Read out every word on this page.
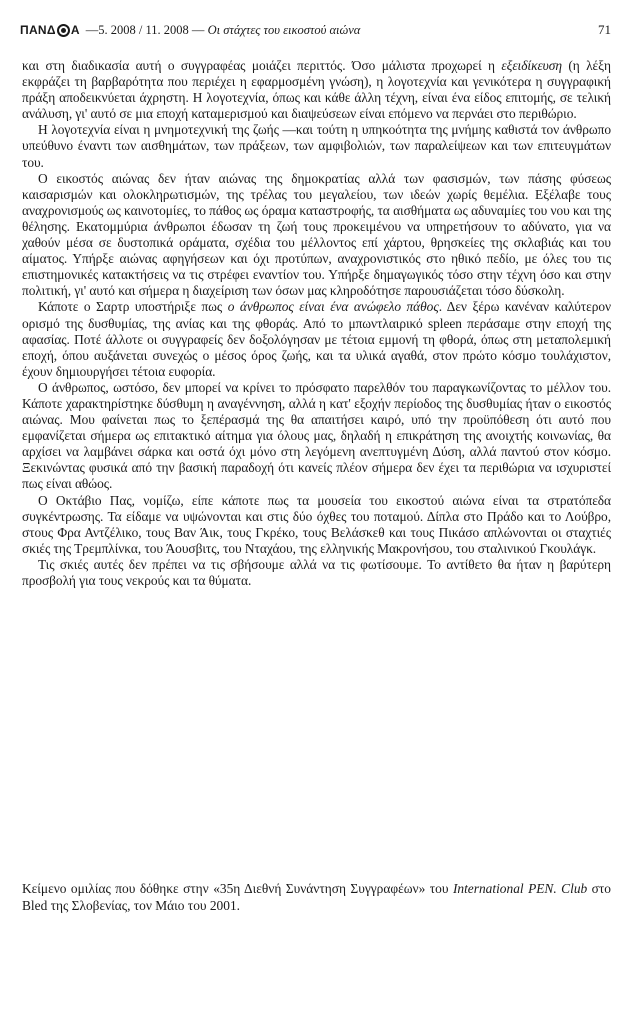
ΠΑΝΔ Α —5. 2008 / 11. 2008 — Οι στάχτες του εικοστού αιώνα	71

και στη διαδικασία αυτή ο συγγραφέας μοιάζει περιττός. Όσο μάλιστα προχωρεί η εξειδίκευση (η λέξη εκφράζει τη βαρβαρότητα που περιέχει η εφαρμοσμένη γνώση), η λογοτεχνία και γενικότερα η συγγραφική πράξη αποδεικνύεται άχρηστη. Η λογοτεχνία, όπως και κάθε άλλη τέχνη, είναι ένα είδος επιτομής, σε τελική ανάλυση, γι' αυτό σε μια εποχή καταμερισμού και διαψεύσεων είναι επόμενο να περνάει στο περιθώριο.

Η λογοτεχνία είναι η μνημοτεχνική της ζωής —και τούτη η υπηκοότητα της μνήμης καθιστά τον άνθρωπο υπεύθυνο έναντι των αισθημάτων, των πράξεων, των αμφιβολιών, των παραλείψεων και των επιτευγμάτων του.

Ο εικοστός αιώνας δεν ήταν αιώνας της δημοκρατίας αλλά των φασισμών, των πάσης φύσεως καισαρισμών και ολοκληρωτισμών, της τρέλας του μεγαλείου, των ιδεών χωρίς θεμέλια. Εξέλαβε τους αναχρονισμούς ως καινοτομίες, το πάθος ως όραμα καταστροφής, τα αισθήματα ως αδυναμίες του νου και της θέλησης. Εκατομμύρια άνθρωποι έδωσαν τη ζωή τους προκειμένου να υπηρετήσουν το αδύνατο, για να χαθούν μέσα σε δυστοπικά οράματα, σχέδια του μέλλοντος επί χάρτου, θρησκείες της σκλαβιάς και του αίματος. Υπήρξε αιώνας αφηγήσεων και όχι προτύπων, αναχρονιστικός στο ηθικό πεδίο, με όλες του τις επιστημονικές κατακτήσεις να τις στρέφει εναντίον του. Υπήρξε δημαγωγικός τόσο στην τέχνη όσο και στην πολιτική, γι' αυτό και σήμερα η διαχείριση των όσων μας κληροδότησε παρουσιάζεται τόσο δύσκολη.

Κάποτε ο Σαρτρ υποστήριξε πως ο άνθρωπος είναι ένα ανώφελο πάθος. Δεν ξέρω κανέναν καλύτερον ορισμό της δυσθυμίας, της ανίας και της φθοράς. Από το μπωντλαιρικό spleen περάσαμε στην εποχή της αφασίας. Ποτέ άλλοτε οι συγγραφείς δεν δοξολόγησαν με τέτοια εμμονή τη φθορά, όπως στη μεταπολεμική εποχή, όπου αυξάνεται συνεχώς ο μέσος όρος ζωής, και τα υλικά αγαθά, στον πρώτο κόσμο τουλάχιστον, έχουν δημιουργήσει τέτοια ευφορία.

Ο άνθρωπος, ωστόσο, δεν μπορεί να κρίνει το πρόσφατο παρελθόν του παραγκωνίζοντας το μέλλον του. Κάποτε χαρακτηρίστηκε δύσθυμη η αναγέννηση, αλλά η κατ' εξοχήν περίοδος της δυσθυμίας ήταν ο εικοστός αιώνας. Μου φαίνεται πως το ξεπέρασμά της θα απαιτήσει καιρό, υπό την προϋπόθεση ότι αυτό που εμφανίζεται σήμερα ως επιτακτικό αίτημα για όλους μας, δηλαδή η επικράτηση της ανοιχτής κοινωνίας, θα αρχίσει να λαμβάνει σάρκα και οστά όχι μόνο στη λεγόμενη ανεπτυγμένη Δύση, αλλά παντού στον κόσμο. Ξεκινώντας φυσικά από την βασική παραδοχή ότι κανείς πλέον σήμερα δεν έχει τα περιθώρια να ισχυριστεί πως είναι αθώος.

Ο Οκτάβιο Πας, νομίζω, είπε κάποτε πως τα μουσεία του εικοστού αιώνα είναι τα στρατόπεδα συγκέντρωσης. Τα είδαμε να υψώνονται και στις δύο όχθες του ποταμού. Δίπλα στο Πράδο και το Λούβρο, στους Φρα Αντζέλικο, τους Βαν Άικ, τους Γκρέκο, τους Βελάσκεθ και τους Πικάσο απλώνονται οι σταχτιές σκιές της Τρεμπλίνκα, του Άουσβιτς, του Νταχάου, της ελληνικής Μακρονήσου, του σταλινικού Γκουλάγκ.

Τις σκιές αυτές δεν πρέπει να τις σβήσουμε αλλά να τις φωτίσουμε. Το αντίθετο θα ήταν η βαρύτερη προσβολή για τους νεκρούς και τα θύματα.

Κείμενο ομιλίας που δόθηκε στην «35η Διεθνή Συνάντηση Συγγραφέων» του International PEN. Club στο Bled της Σλοβενίας, τον Μάιο του 2001.
